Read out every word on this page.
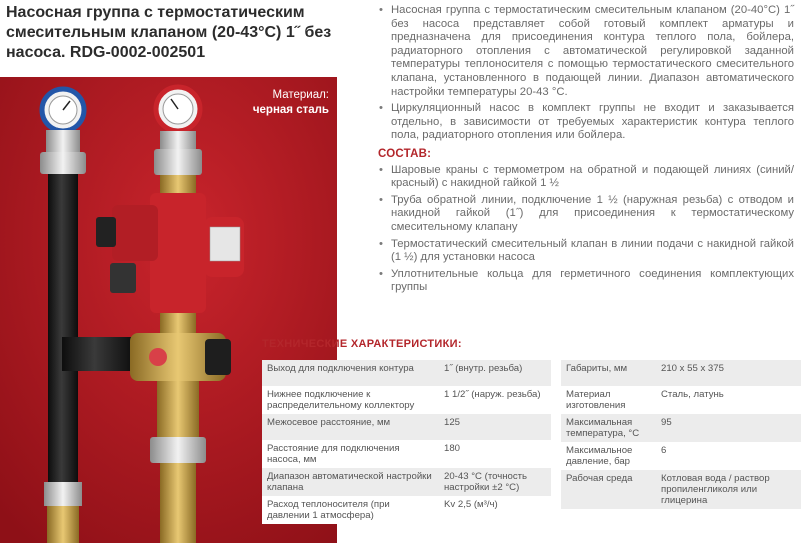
Насосная группа с термостатическим смесительным клапаном (20-43°С) 1˝ без насоса. RDG-0002-002501
Материал:
черная сталь

• Насосная группа с термостатическим смесительным клапаном (20-40°С) 1˝ без насоса представляет собой готовый комплект арматуры и предназначена для присоединения контура теплого пола, бойлера, радиаторного отопления с автоматической регулировкой заданной температуры теплоносителя с помощью термостатического смесительного клапана, установленного в подающей линии. Диапазон автоматического настройки температуры 20-43 °С.

• Циркуляционный насос в комплект группы не входит и заказывается отдельно, в зависимости от требуемых характеристик контура теплого пола, радиаторного отопления или бойлера.

СОСТАВ:

• Шаровые краны с термометром на обратной и подающей линиях (синий/красный) с накидной гайкой 1 ½

• Труба обратной линии, подключение 1 ½ (наружная резьба) с отводом и накидной гайкой (1˝) для присоединения к термостатическому смесительному клапану

• Термостатический смесительный клапан в линии подачи с накидной гайкой (1 ½) для установки насоса

• Уплотнительные кольца для герметичного соединения комплектующих группы

ТЕХНИЧЕСКИЕ ХАРАКТЕРИСТИКИ:
Выход для подключения контура	1˝ (внутр. резьба)
Нижнее подключение к распределительному коллектору	1 1/2˝ (наруж. резьба)
Межосевое расстояние, мм	125
Расстояние для подключения насоса, мм	180
Диапазон автоматической настройки клапана	20-43 °С (точность настройки ±2 °С)
Расход теплоносителя (при давлении 1 атмосфера)	Kv 2,5 (м³/ч)
Габариты, мм	210 х 55 х 375
Материал изготовления	Сталь, латунь
Максимальная температура, °С	95
Максимальное давление, бар	6
Рабочая среда	Котловая вода / раствор пропиленгликоля или глицерина
